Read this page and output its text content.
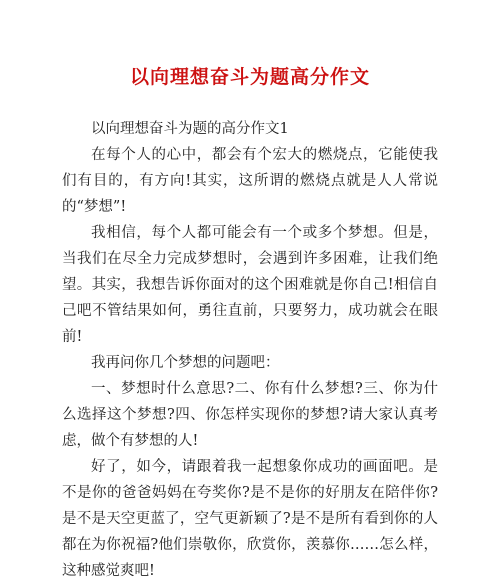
以向理想奋斗为题高分作文

以向理想奋斗为题的高分作文1

在每个人的心中，都会有个宏大的燃烧点，它能使我们有目的，有方向!其实，这所谓的燃烧点就是人人常说的“梦想”!

我相信，每个人都可能会有一个或多个梦想。但是，当我们在尽全力完成梦想时，会遇到许多困难，让我们绝望。其实，我想告诉你面对的这个困难就是你自己!相信自己吧不管结果如何，勇往直前，只要努力，成功就会在眼前!

我再问你几个梦想的问题吧：

一、梦想时什么意思?二、你有什么梦想?三、你为什么选择这个梦想?四、你怎样实现你的梦想?请大家认真考虑，做个有梦想的人!

好了，如今，请跟着我一起想象你成功的画面吧。是不是你的爸爸妈妈在夸奖你?是不是你的好朋友在陪伴你?是不是天空更蓝了，空气更新颖了?是不是所有看到你的人都在为你祝福?他们崇敬你，欣赏你，羡慕你……怎么样，这种感觉爽吧!
